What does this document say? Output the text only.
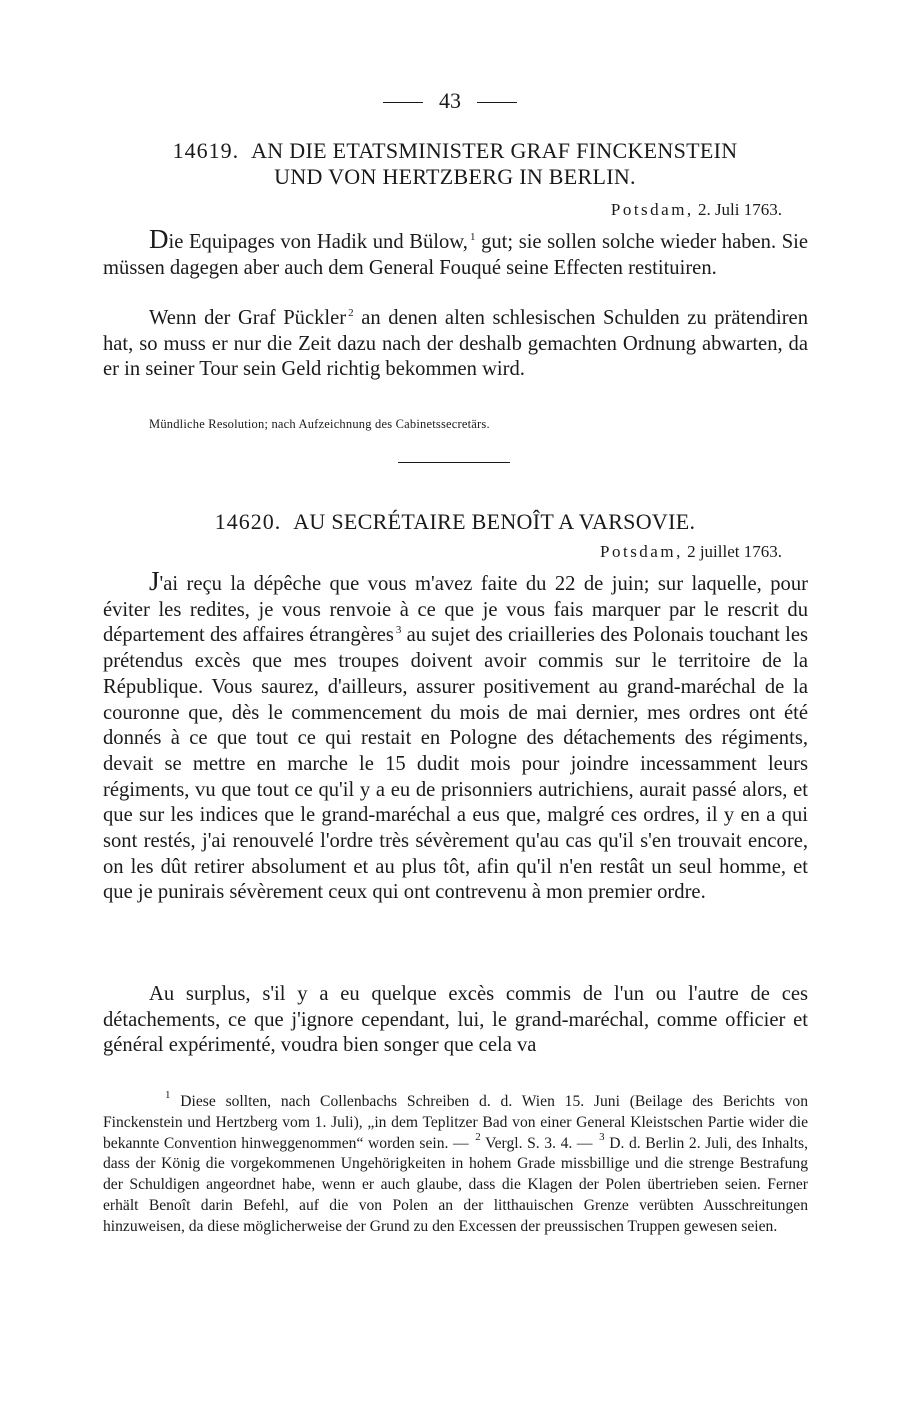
43
14619. AN DIE ETATSMINISTER GRAF FINCKENSTEIN
UND VON HERTZBERG IN BERLIN.
Potsdam, 2. Juli 1763.

Die Equipages von Hadik und Bülow, $^1$ gut; sie sollen solche wieder haben. Sie müssen dagegen aber auch dem General Fouqué seine Effecten restituiren.

Wenn der Graf Pückler $^2$ an denen alten schlesischen Schulden zu prätendiren hat, so muss er nur die Zeit dazu nach der deshalb gemachten Ordnung abwarten, da er in seiner Tour sein Geld richtig bekommen wird.

Mündliche Resolution; nach Aufzeichnung des Cabinetssecretärs.
14620. AU SECRÉTAIRE BENOÎT A VARSOVIE.
Potsdam, 2 juillet 1763.

J'ai reçu la dépêche que vous m'avez faite du 22 de juin; sur laquelle, pour éviter les redites, je vous renvoie à ce que je vous fais marquer par le rescrit du département des affaires étrangères $^3$ au sujet des criailleries des Polonais touchant les prétendus excès que mes troupes doivent avoir commis sur le territoire de la République. Vous saurez, d'ailleurs, assurer positivement au grand-maréchal de la couronne que, dès le commencement du mois de mai dernier, mes ordres ont été donnés à ce que tout ce qui restait en Pologne des détachements des régiments, devait se mettre en marche le 15 dudit mois pour joindre incessamment leurs régiments, vu que tout ce qu'il y a eu de prisonniers autrichiens, aurait passé alors, et que sur les indices que le grand-maréchal a eus que, malgré ces ordres, il y en a qui sont restés, j'ai renouvelé l'ordre très sévèrement qu'au cas qu'il s'en trouvait encore, on les dût retirer absolument et au plus tôt, afin qu'il n'en restât un seul homme, et que je punirais sévèrement ceux qui ont contrevenu à mon premier ordre.

Au surplus, s'il y a eu quelque excès commis de l'un ou l'autre de ces détachements, ce que j'ignore cependant, lui, le grand-maréchal, comme officier et général expérimenté, voudra bien songer que cela va

$^1$ Diese sollten, nach Collenbachs Schreiben d. d. Wien 15. Juni (Beilage des Berichts von Finckenstein und Hertzberg vom 1. Juli), „in dem Teplitzer Bad von einer General Kleistschen Partie wider die bekannte Convention hinweggenommen“ worden sein. — $^2$ Vergl. S. 3. 4. — $^3$ D. d. Berlin 2. Juli, des Inhalts, dass der König die vorgekommenen Ungehörigkeiten in hohem Grade missbillige und die strenge Bestrafung der Schuldigen angeordnet habe, wenn er auch glaube, dass die Klagen der Polen übertrieben seien. Ferner erhält Benoît darin Befehl, auf die von Polen an der litthauischen Grenze verübten Ausschreitungen hinzuweisen, da diese möglicherweise der Grund zu den Excessen der preussischen Truppen gewesen seien.
